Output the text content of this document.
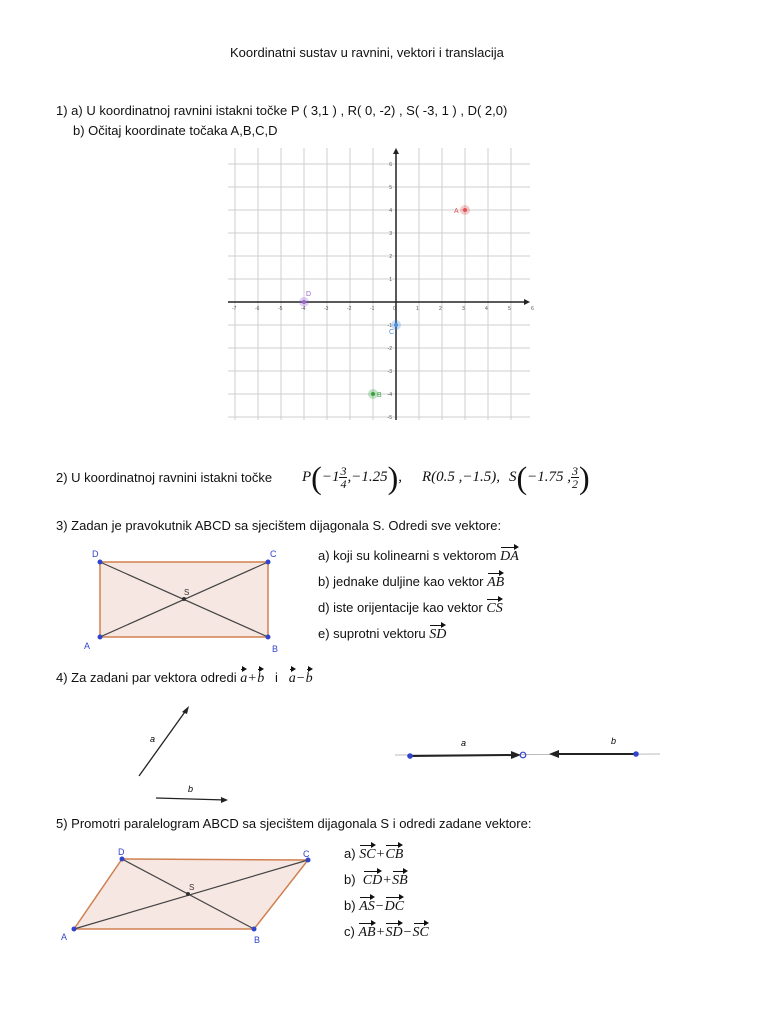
Koordinatni sustav u ravnini, vektori i translacija
1) a) U koordinatnoj ravnini istakni točke P ( 3,1 ) , R( 0, -2) , S( -3, 1 ) , D( 2,0)
b) Očitaj koordinate točaka A,B,C,D
-7	-6	-5	-4	-3	-2	-1	0	1	2	3	4	5	6
6
5
4
3
2
1
-1
-2
-3
-4
-5
A
B
C
D
2) U koordinatnoj ravnini istakni točke $P(-1 \frac{3}{4} ,-1.25)$, R(0.5 ,−1.5), S(−1.75 , $\frac{3}{2}$ )
3) Zadan je pravokutnik ABCD sa sjecištem dijagonala S. Odredi sve vektore:
D	C
A	B
S
a) koji su kolinearni s vektorom DA
b) jednake duljine kao vektor AB
d) iste orijentacije kao vektor CS
e) suprotni vektoru SD
4) Za zadani par vektora odredi a+b i a−b
a
b
a	b
5) Promotri paralelogram ABCD sa sjecištem dijagonala S i odredi zadane vektore:
A
D	C
B
S
a) SC+CB
b) CD+SB
b) AS−DC
c) AB+SD−SC
